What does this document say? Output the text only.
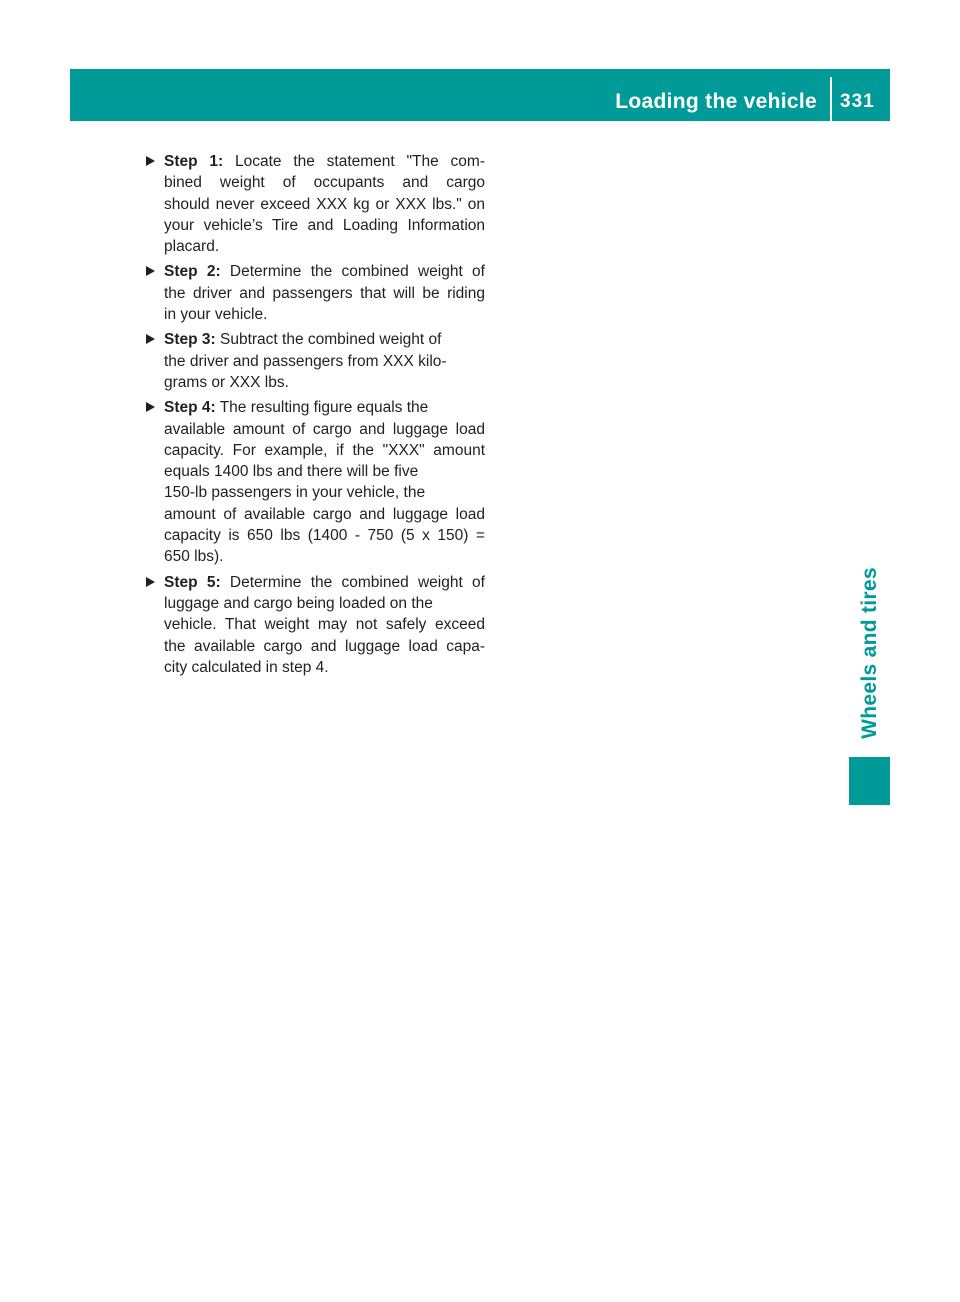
Loading the vehicle	331
Wheels and tires
Step 1: Locate the statement "The com-
bined weight of occupants and cargo
should never exceed XXX kg or XXX lbs." on
your vehicle’s Tire and Loading Information
placard.
Step 2: Determine the combined weight of
the driver and passengers that will be riding
in your vehicle.
Step 3: Subtract the combined weight of
the driver and passengers from XXX kilo-
grams or XXX lbs.
Step 4: The resulting figure equals the
available amount of cargo and luggage load
capacity. For example, if the "XXX" amount
equals 1400 lbs and there will be five
150-lb passengers in your vehicle, the
amount of available cargo and luggage load
capacity is 650 lbs (1400 - 750 (5 x 150) =
650 lbs).
Step 5: Determine the combined weight of
luggage and cargo being loaded on the
vehicle. That weight may not safely exceed
the available cargo and luggage load capa-
city calculated in step 4.
